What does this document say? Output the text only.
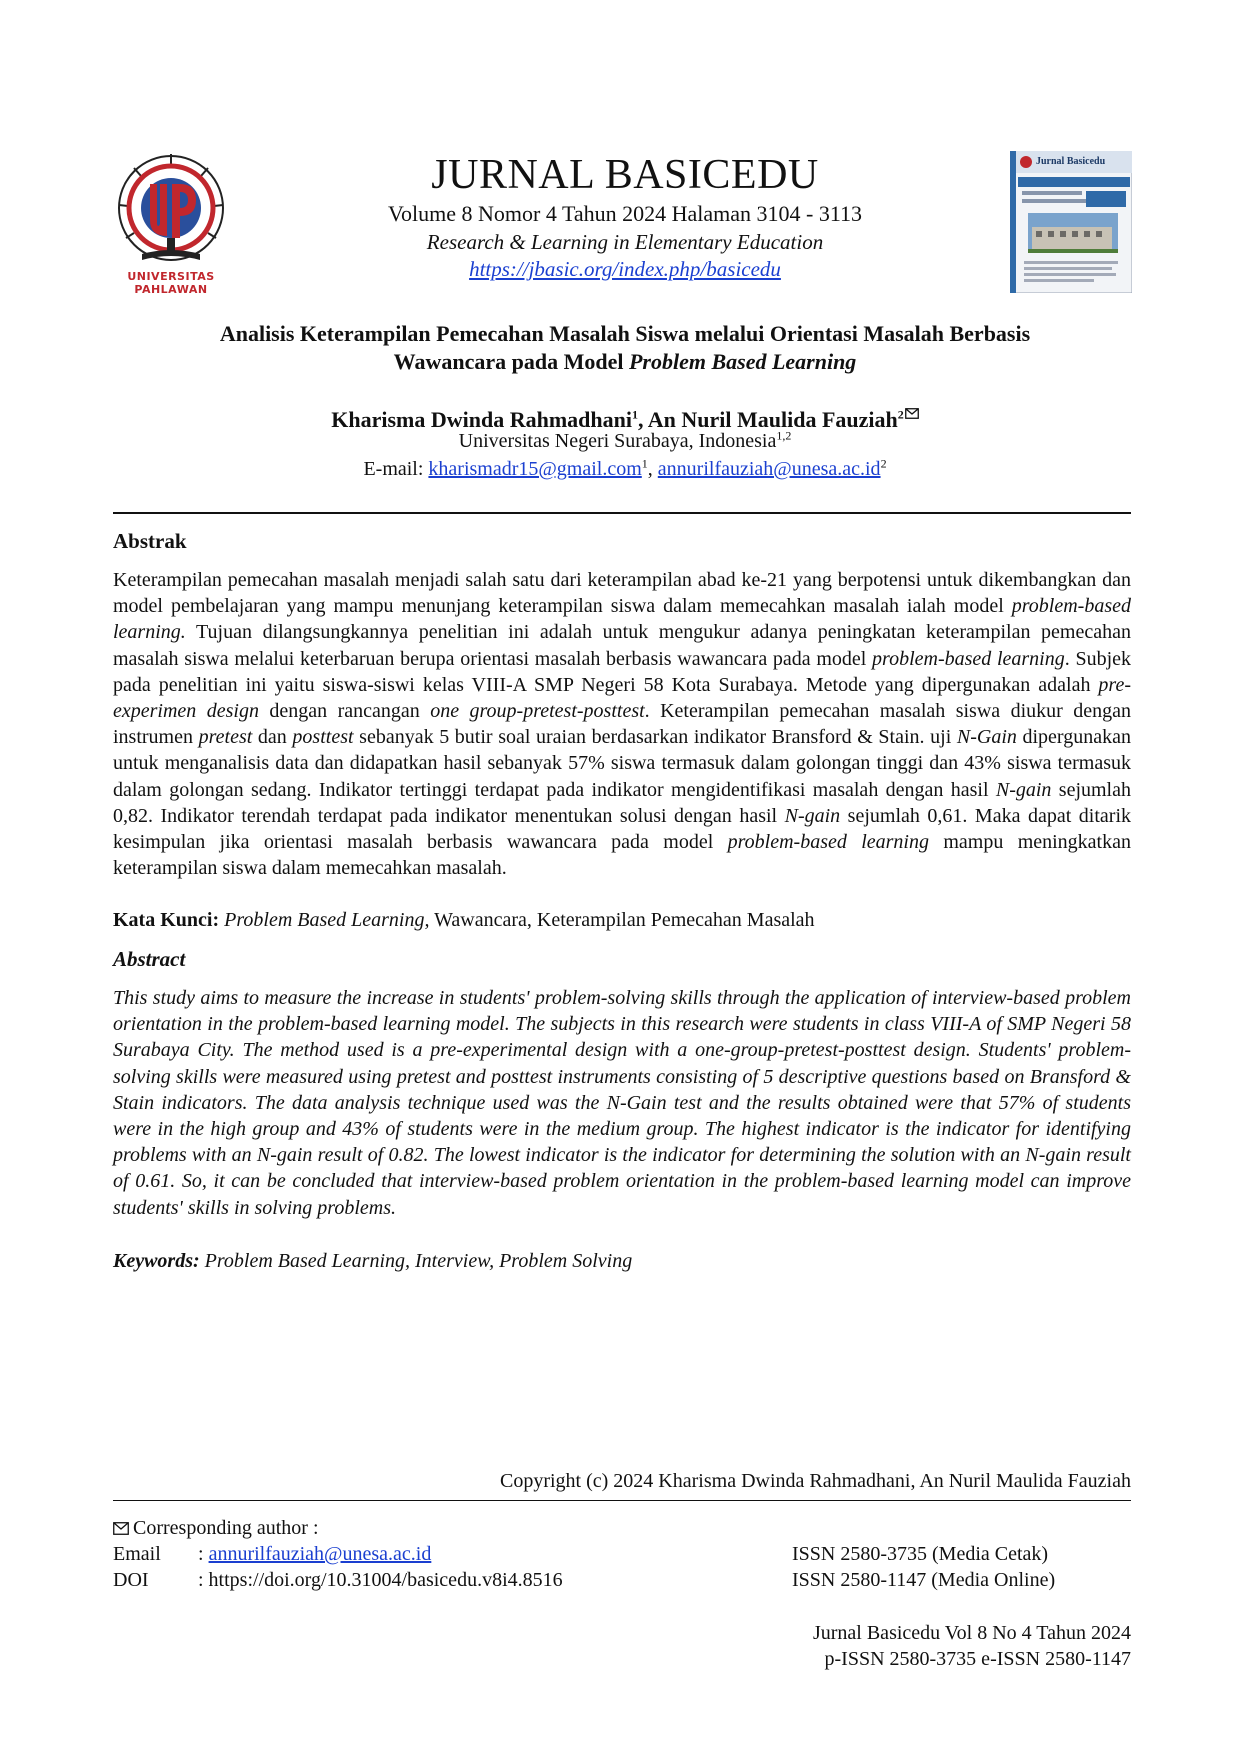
UNIVERSITAS PAHLAWAN
JURNAL BASICEDU
Volume 8 Nomor 4 Tahun 2024 Halaman 3104 - 3113
Research & Learning in Elementary Education
https://jbasic.org/index.php/basicedu
Jurnal Basicedu
Analisis Keterampilan Pemecahan Masalah Siswa melalui Orientasi Masalah Berbasis
Wawancara pada Model Problem Based Learning
Kharisma Dwinda Rahmadhani$^1$, An Nuril Maulida Fauziah$^2$
Universitas Negeri Surabaya, Indonesia$^{1,2}$
E-mail: kharismadr15@gmail.com$^1$, $annurilfauziah@unesa.ac.id^2$
Abstrak
Keterampilan pemecahan masalah menjadi salah satu dari keterampilan abad ke-21 yang berpotensi untuk dikembangkan dan model pembelajaran yang mampu menunjang keterampilan siswa dalam memecahkan masalah ialah model problem-based learning. Tujuan dilangsungkannya penelitian ini adalah untuk mengukur adanya peningkatan keterampilan pemecahan masalah siswa melalui keterbaruan berupa orientasi masalah berbasis wawancara pada model problem-based learning. Subjek pada penelitian ini yaitu siswa-siswi kelas VIII-A SMP Negeri 58 Kota Surabaya. Metode yang dipergunakan adalah pre-experimen design dengan rancangan one group-pretest-posttest. Keterampilan pemecahan masalah siswa diukur dengan instrumen pretest dan posttest sebanyak 5 butir soal uraian berdasarkan indikator Bransford & Stain. uji N-Gain dipergunakan untuk menganalisis data dan didapatkan hasil sebanyak 57% siswa termasuk dalam golongan tinggi dan 43% siswa termasuk dalam golongan sedang. Indikator tertinggi terdapat pada indikator mengidentifikasi masalah dengan hasil N-gain sejumlah 0,82. Indikator terendah terdapat pada indikator menentukan solusi dengan hasil N-gain sejumlah 0,61. Maka dapat ditarik kesimpulan jika orientasi masalah berbasis wawancara pada model problem-based learning mampu meningkatkan keterampilan siswa dalam memecahkan masalah.
Kata Kunci: Problem Based Learning, Wawancara, Keterampilan Pemecahan Masalah
Abstract
This study aims to measure the increase in students' problem-solving skills through the application of interview-based problem orientation in the problem-based learning model. The subjects in this research were students in class VIII-A of SMP Negeri 58 Surabaya City. The method used is a pre-experimental design with a one-group-pretest-posttest design. Students' problem-solving skills were measured using pretest and posttest instruments consisting of 5 descriptive questions based on Bransford & Stain indicators. The data analysis technique used was the N-Gain test and the results obtained were that 57% of students were in the high group and 43% of students were in the medium group. The highest indicator is the indicator for identifying problems with an N-gain result of 0.82. The lowest indicator is the indicator for determining the solution with an N-gain result of 0.61. So, it can be concluded that interview-based problem orientation in the problem-based learning model can improve students' skills in solving problems.
Keywords: Problem Based Learning, Interview, Problem Solving
Copyright (c) 2024 Kharisma Dwinda Rahmadhani, An Nuril Maulida Fauziah
Corresponding author :
Email : annurilfauziah@unesa.ac.id
DOI : https://doi.org/10.31004/basicedu.v8i4.8516
ISSN 2580-3735 (Media Cetak)
ISSN 2580-1147 (Media Online)
Jurnal Basicedu Vol 8 No 4 Tahun 2024
p-ISSN 2580-3735 e-ISSN 2580-1147
